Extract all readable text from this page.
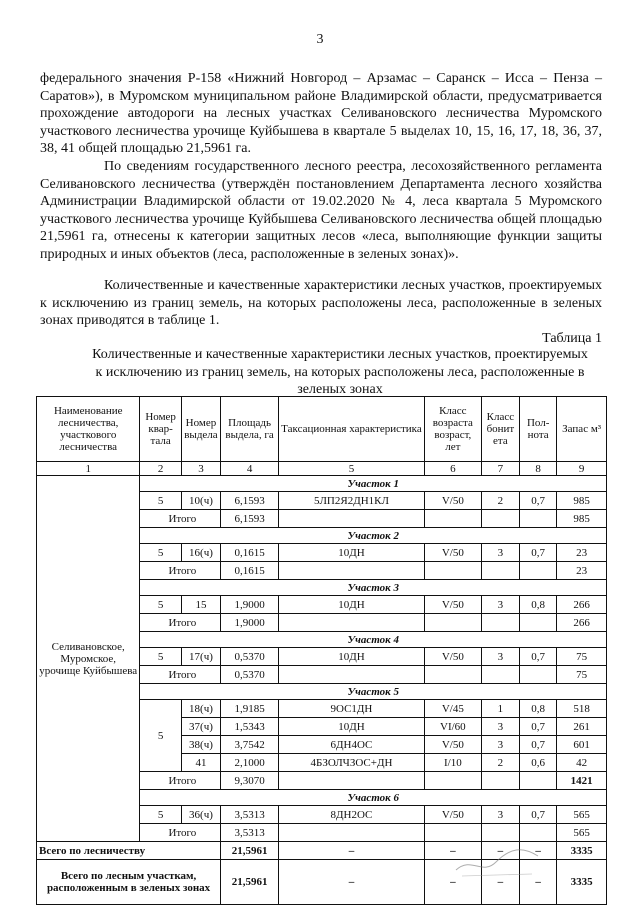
3
федерального значения Р-158 «Нижний Новгород – Арзамас – Саранск – Исса – Пенза – Саратов»), в Муромском муниципальном районе Владимирской области, предусматривается прохождение автодороги на лесных участках Селивановского лесничества Муромского участкового лесничества урочище Куйбышева в квартале 5 выделах 10, 15, 16, 17, 18, 36, 37, 38, 41 общей площадью 21,5961 га.
По сведениям государственного лесного реестра, лесохозяйственного регламента Селивановского лесничества (утверждён постановлением Департамента лесного хозяйства Администрации Владимирской области от 19.02.2020 № 4, леса квартала 5 Муромского участкового лесничества урочище Куйбышева Селивановского лесничества общей площадью 21,5961 га, отнесены к категории защитных лесов «леса, выполняющие функции защиты природных и иных объектов (леса, расположенные в зеленых зонах)».
Количественные и качественные характеристики лесных участков, проектируемых к исключению из границ земель, на которых расположены леса, расположенные в зеленых зонах приводятся в таблице 1.
Таблица 1
Количественные и качественные характеристики лесных участков, проектируемых к исключению из границ земель, на которых расположены леса, расположенные в зеленых зонах
Наименование лесничества, участкового лесничества	Номер квар-тала	Номер выдела	Площадь выдела, га	Таксационная характеристика	Класс возраста возраст, лет	Класс бонит ета	Пол-нота	Запас м³
1	2	3	4	5	6	7	8	9
Селивановское, Муромское, урочище Куйбышева	Участок 1							
	5	10(ч)	6,1593	5ЛП2Я2ДН1КЛ	V/50	2	0,7	985
	Итого		6,1593					985
	Участок 2							
	5	16(ч)	0,1615	10ДН	V/50	3	0,7	23
	Итого		0,1615					23
	Участок 3							
	5	15	1,9000	10ДН	V/50	3	0,8	266
	Итого		1,9000					266
	Участок 4							
	5	17(ч)	0,5370	10ДН	V/50	3	0,7	75
	Итого		0,5370					75
	Участок 5							
	5	18(ч)	1,9185	9ОС1ДН	V/45	1	0,8	518
		37(ч)	1,5343	10ДН	VI/60	3	0,7	261
		38(ч)	3,7542	6ДН4ОС	V/50	3	0,7	601
		41	2,1000	4БЗОЛЧЗОС+ДН	I/10	2	0,6	42
	Итого		9,3070					1421
	Участок 6							
	5	36(ч)	3,5313	8ДН2ОС	V/50	3	0,7	565
	Итого		3,5313					565
Всего по лесничеству			21,5961	–	–	–	–	3335
Всего по лесным участкам, расположенным в зеленых зонах			21,5961	–	–	–	–	3335
